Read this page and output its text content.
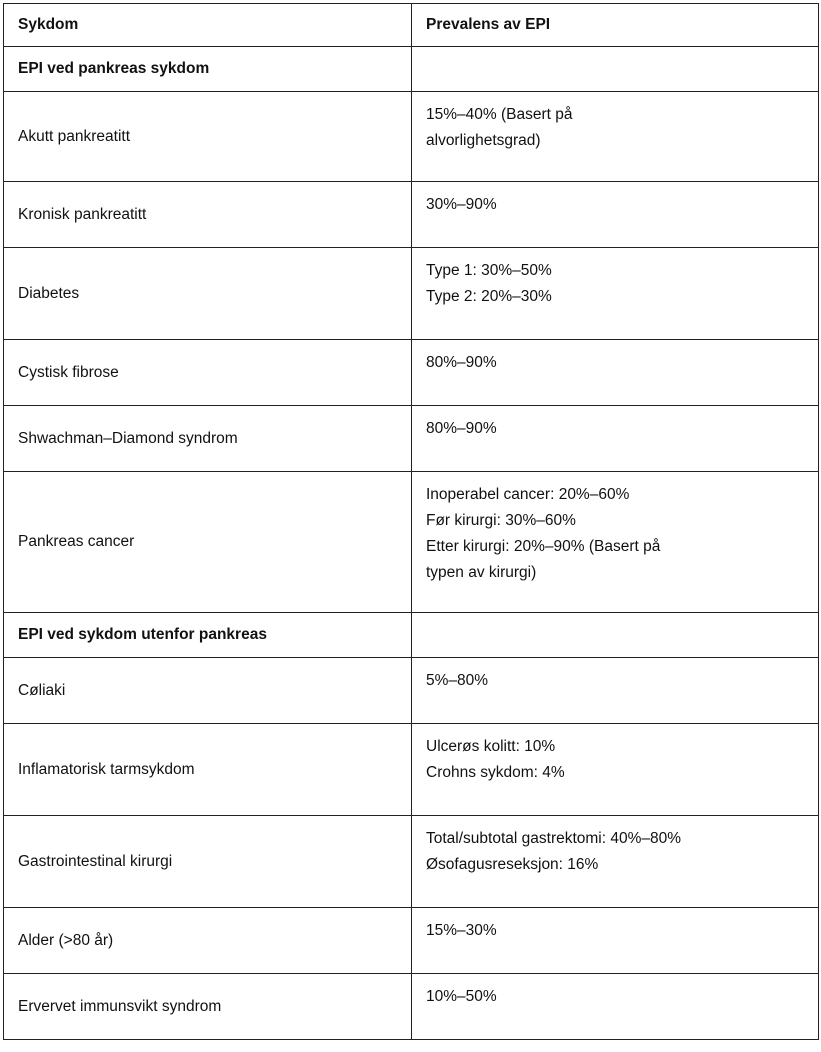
Sykdom	Prevalens av EPI
EPI ved pankreas sykdom	
Akutt pankreatitt	15%–40% (Basert på
alvorlighetsgrad)

Kronisk pankreatitt	30%–90%

Diabetes	Type 1: 30%–50%
Type 2: 20%–30%

Cystisk fibrose	80%–90%

Shwachman–Diamond syndrom	80%–90%

Pankreas cancer	Inoperabel cancer: 20%–60%
Før kirurgi: 30%–60%
Etter kirurgi: 20%–90% (Basert på
typen av kirurgi)

EPI ved sykdom utenfor pankreas	
Cøliaki	5%–80%

Inflamatorisk tarmsykdom	Ulcerøs kolitt: 10%
Crohns sykdom: 4%

Gastrointestinal kirurgi	Total/subtotal gastrektomi: 40%–80%
Øsofagusreseksjon: 16%

Alder (>80 år)	15%–30%

Ervervet immunsvikt syndrom	10%–50%
